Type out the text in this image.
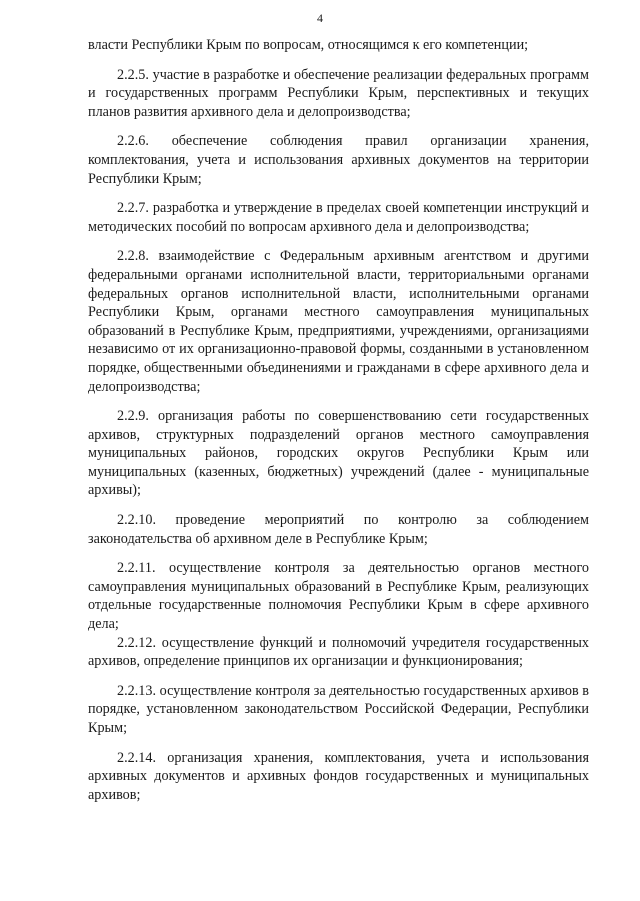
4

власти Республики Крым по вопросам, относящимся к его компетенции;

2.2.5. участие в разработке и обеспечение реализации федеральных программ и государственных программ Республики Крым, перспективных и текущих планов развития архивного дела и делопроизводства;

2.2.6. обеспечение соблюдения правил организации хранения, комплектования, учета и использования архивных документов на территории Республики Крым;

2.2.7. разработка и утверждение в пределах своей компетенции инструкций и методических пособий по вопросам архивного дела и делопроизводства;

2.2.8. взаимодействие с Федеральным архивным агентством и другими федеральными органами исполнительной власти, территориальными органами федеральных органов исполнительной власти, исполнительными органами Республики Крым, органами местного самоуправления муниципальных образований в Республике Крым, предприятиями, учреждениями, организациями независимо от их организационно-правовой формы, созданными в установленном порядке, общественными объединениями и гражданами в сфере архивного дела и делопроизводства;

2.2.9. организация работы по совершенствованию сети государственных архивов, структурных подразделений органов местного самоуправления муниципальных районов, городских округов Республики Крым или муниципальных (казенных, бюджетных) учреждений (далее - муниципальные архивы);

2.2.10. проведение мероприятий по контролю за соблюдением законодательства об архивном деле в Республике Крым;

2.2.11. осуществление контроля за деятельностью органов местного самоуправления муниципальных образований в Республике Крым, реализующих отдельные государственные полномочия Республики Крым в сфере архивного дела;

2.2.12. осуществление функций и полномочий учредителя государственных архивов, определение принципов их организации и функционирования;

2.2.13. осуществление контроля за деятельностью государственных архивов в порядке, установленном законодательством Российской Федерации, Республики Крым;

2.2.14. организация хранения, комплектования, учета и использования архивных документов и архивных фондов государственных и муниципальных архивов;
